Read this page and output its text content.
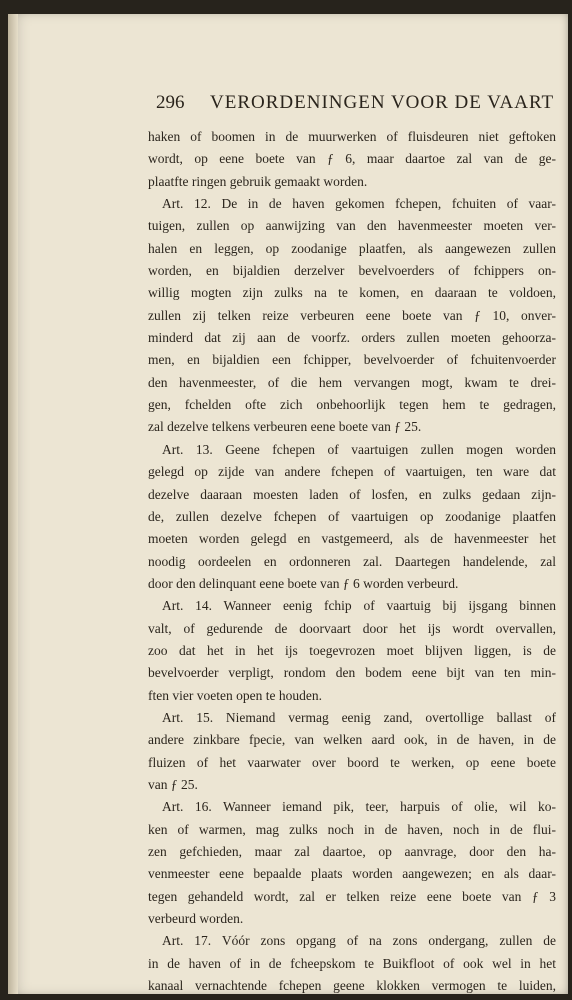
296 VERORDENINGEN VOOR DE VAART
haken of boomen in de muurwerken of fluisdeuren niet geftoken
wordt, op eene boete van ƒ 6, maar daartoe zal van de ge-
plaatfte ringen gebruik gemaakt worden.
Art. 12. De in de haven gekomen fchepen, fchuiten of vaar-
tuigen, zullen op aanwijzing van den havenmeester moeten ver-
halen en leggen, op zoodanige plaatfen, als aangewezen zullen
worden, en bijaldien derzelver bevelvoerders of fchippers on-
willig mogten zijn zulks na te komen, en daaraan te voldoen,
zullen zij telken reize verbeuren eene boete van ƒ 10, onver-
minderd dat zij aan de voorfz. orders zullen moeten gehoorza-
men, en bijaldien een fchipper, bevelvoerder of fchuitenvoerder
den havenmeester, of die hem vervangen mogt, kwam te drei-
gen, fchelden ofte zich onbehoorlijk tegen hem te gedragen,
zal dezelve telkens verbeuren eene boete van ƒ 25.
Art. 13. Geene fchepen of vaartuigen zullen mogen worden
gelegd op zijde van andere fchepen of vaartuigen, ten ware dat
dezelve daaraan moesten laden of losfen, en zulks gedaan zijn-
de, zullen dezelve fchepen of vaartuigen op zoodanige plaatfen
moeten worden gelegd en vastgemeerd, als de havenmeester het
noodig oordeelen en ordonneren zal. Daartegen handelende, zal
door den delinquant eene boete van ƒ 6 worden verbeurd.
Art. 14. Wanneer eenig fchip of vaartuig bij ijsgang binnen
valt, of gedurende de doorvaart door het ijs wordt overvallen,
zoo dat het in het ijs toegevrozen moet blijven liggen, is de
bevelvoerder verpligt, rondom den bodem eene bijt van ten min-
ften vier voeten open te houden.
Art. 15. Niemand vermag eenig zand, overtollige ballast of
andere zinkbare fpecie, van welken aard ook, in de haven, in de
fluizen of het vaarwater over boord te werken, op eene boete
van ƒ 25.
Art. 16. Wanneer iemand pik, teer, harpuis of olie, wil ko-
ken of warmen, mag zulks noch in de haven, noch in de flui-
zen gefchieden, maar zal daartoe, op aanvrage, door den ha-
venmeester eene bepaalde plaats worden aangewezen; en als daar-
tegen gehandeld wordt, zal er telken reize eene boete van ƒ 3
verbeurd worden.
Art. 17. Vóór zons opgang of na zons ondergang, zullen de
in de haven of in de fcheepskom te Buikfloot of ook wel in het
kanaal vernachtende fchepen geene klokken vermogen te luiden,
